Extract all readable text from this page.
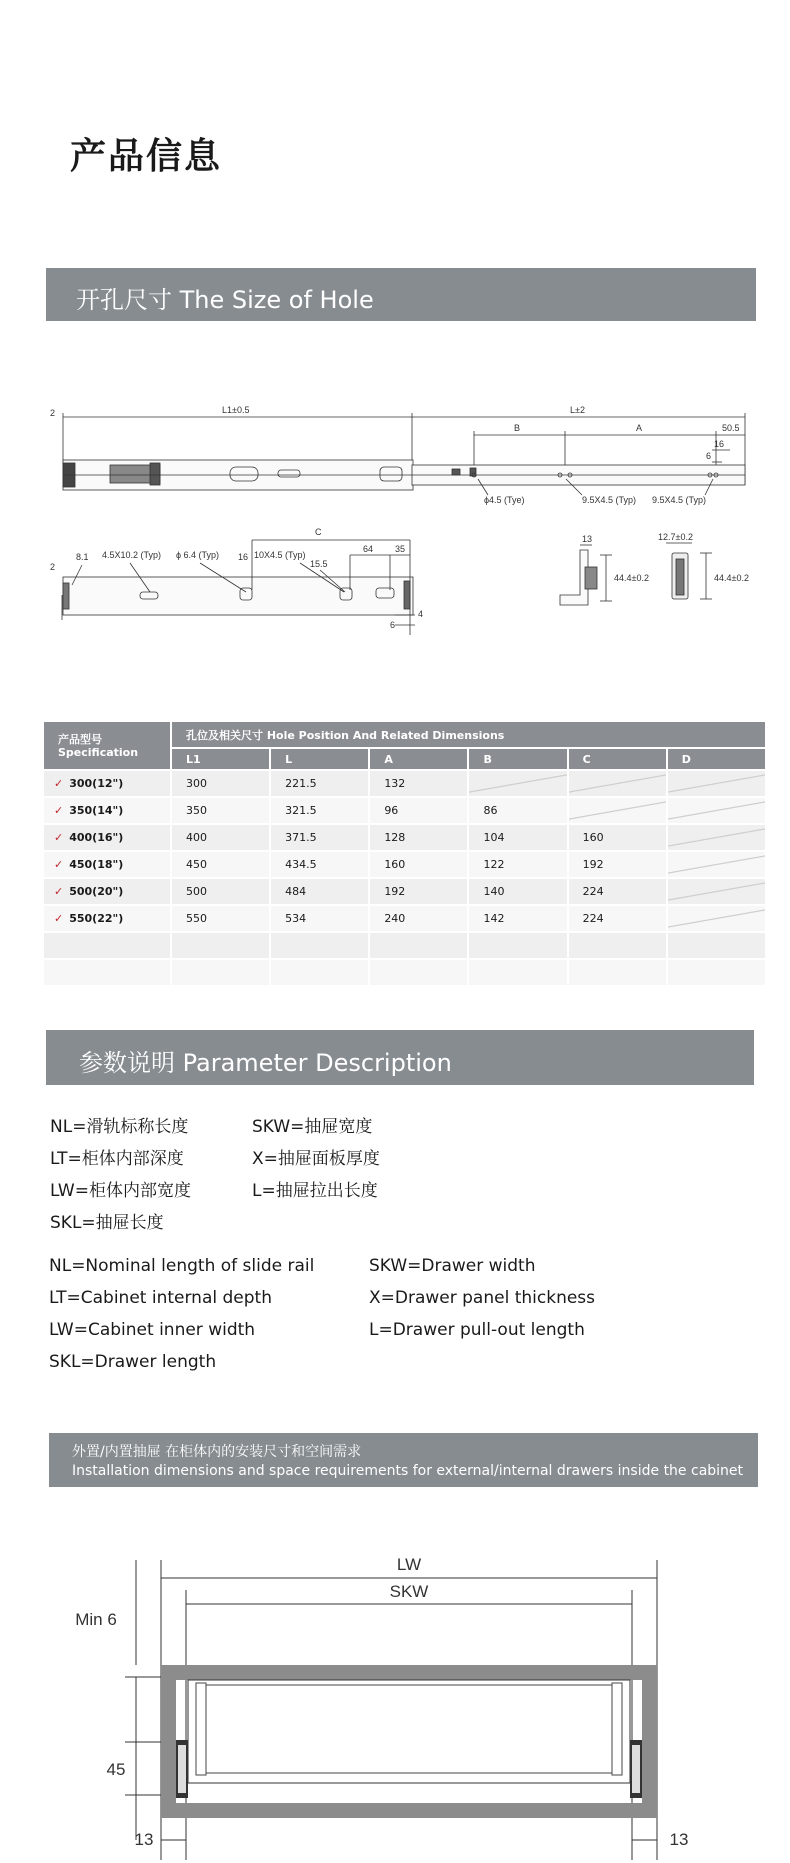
产品信息
开孔尺寸 The Size of Hole
2	L1±0.5	L±2
B	A	50.5
16
6
ϕ4.5 (Tye)	9.5X4.5 (Typ) 9.5X4.5 (Typ)
2
8.1 4.5X10.2 (Typ) ϕ 6.4 (Typ) 16 10X4.5 (Typ)
15.5
C
64 35
4
6
13
44.4±0.2
12.7±0.2
44.4±0.2
产品型号
Specification	孔位及相关尺寸 Hole Position And Related Dimensions					
	L1	L	A	B	C	D
✓ 300(12")	300	221.5	132			
✓ 350(14")	350	321.5	96	86		
✓ 400(16")	400	371.5	128	104	160	
✓ 450(18")	450	434.5	160	122	192	
✓ 500(20")	500	484	192	140	224	
✓ 550(22")	550	534	240	142	224	

参数说明 Parameter Description
NL=滑轨标称长度
LT=柜体内部深度
LW=柜体内部宽度
SKL=抽屉长度
SKW=抽屉宽度
X=抽屉面板厚度
L=抽屉拉出长度
NL=Nominal length of slide rail
LT=Cabinet internal depth
LW=Cabinet inner width
SKL=Drawer length
SKW=Drawer width
X=Drawer panel thickness
L=Drawer pull-out length
外置/内置抽屉 在柜体内的安装尺寸和空间需求
Installation dimensions and space requirements for external/internal drawers inside the cabinet
LW
SKW
Min 6
45
13	13
